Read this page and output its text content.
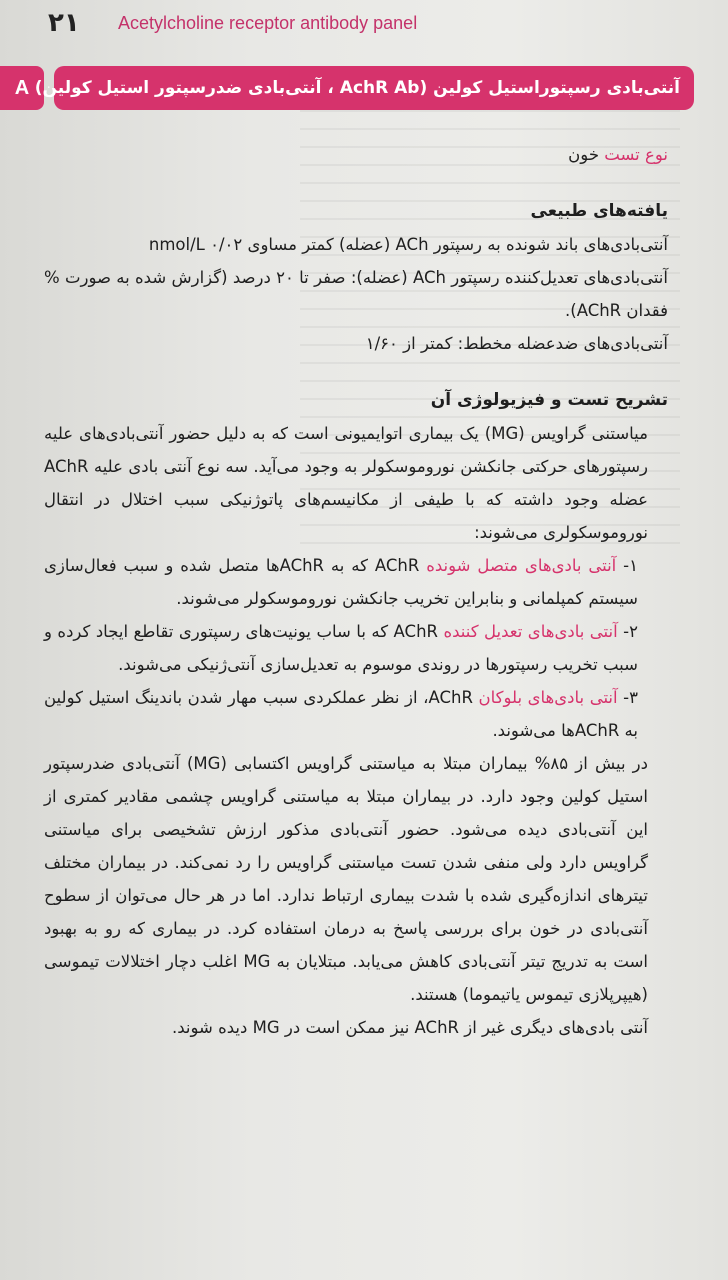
۲۱	Acetylcholine receptor antibody panel
A آنتی‌بادی رسپتوراستیل کولین (AchR Ab ، آنتی‌بادی ضدرسپتور استیل کولین)

نوع تست خون

یافته‌های طبیعی

آنتی‌بادی‌های باند شونده به رسپتور ACh (عضله) کمتر مساوی ۰/۰۲ nmol/L

آنتی‌بادی‌های تعدیل‌کننده رسپتور ACh (عضله): صفر تا ۲۰ درصد (گزارش شده به صورت % فقدان AChR).

آنتی‌بادی‌های ضدعضله مخطط: کمتر از ۱/۶۰

تشریح تست و فیزیولوژی آن

میاستنی گراویس (MG) یک بیماری اتوایمیونی است که به دلیل حضور آنتی‌بادی‌های علیه رسپتورهای حرکتی جانکشن نوروموسکولر به وجود می‌آید. سه نوع آنتی بادی علیه AChR عضله وجود داشته که با طیفی از مکانیسم‌های پاتوژنیکی سبب اختلال در انتقال نوروموسکولری می‌شوند:

۱- آنتی بادی‌های متصل شونده AChR که به AChRها متصل شده و سبب فعال‌سازی سیستم کمپلمانی و بنابراین تخریب جانکشن نوروموسکولر می‌شوند.

۲- آنتی بادی‌های تعدیل کننده AChR که با ساب یونیت‌های رسپتوری تقاطع ایجاد کرده و سبب تخریب رسپتورها در روندی موسوم به تعدیل‌سازی آنتی‌ژنیکی می‌شوند.

۳- آنتی بادی‌های بلوکان AChR، از نظر عملکردی سبب مهار شدن باندینگ استیل کولین به AChRها می‌شوند.

در بیش از ۸۵% بیماران مبتلا به میاستنی گراویس اکتسابی (MG) آنتی‌بادی ضدرسپتور استیل کولین وجود دارد. در بیماران مبتلا به میاستنی گراویس چشمی مقادیر کمتری از این آنتی‌بادی دیده می‌شود. حضور آنتی‌بادی مذکور ارزش تشخیصی برای میاستنی گراویس دارد ولی منفی شدن تست میاستنی گراویس را رد نمی‌کند. در بیماران مختلف تیترهای اندازه‌گیری شده با شدت بیماری ارتباط ندارد. اما در هر حال می‌توان از سطوح آنتی‌بادی در خون برای بررسی پاسخ به درمان استفاده کرد. در بیماری که رو به بهبود است به تدریج تیتر آنتی‌بادی کاهش می‌یابد. مبتلایان به MG اغلب دچار اختلالات تیموسی (هیپرپلازی تیموس یاتیموما) هستند.

آنتی بادی‌های دیگری غیر از AChR نیز ممکن است در MG دیده شوند.
